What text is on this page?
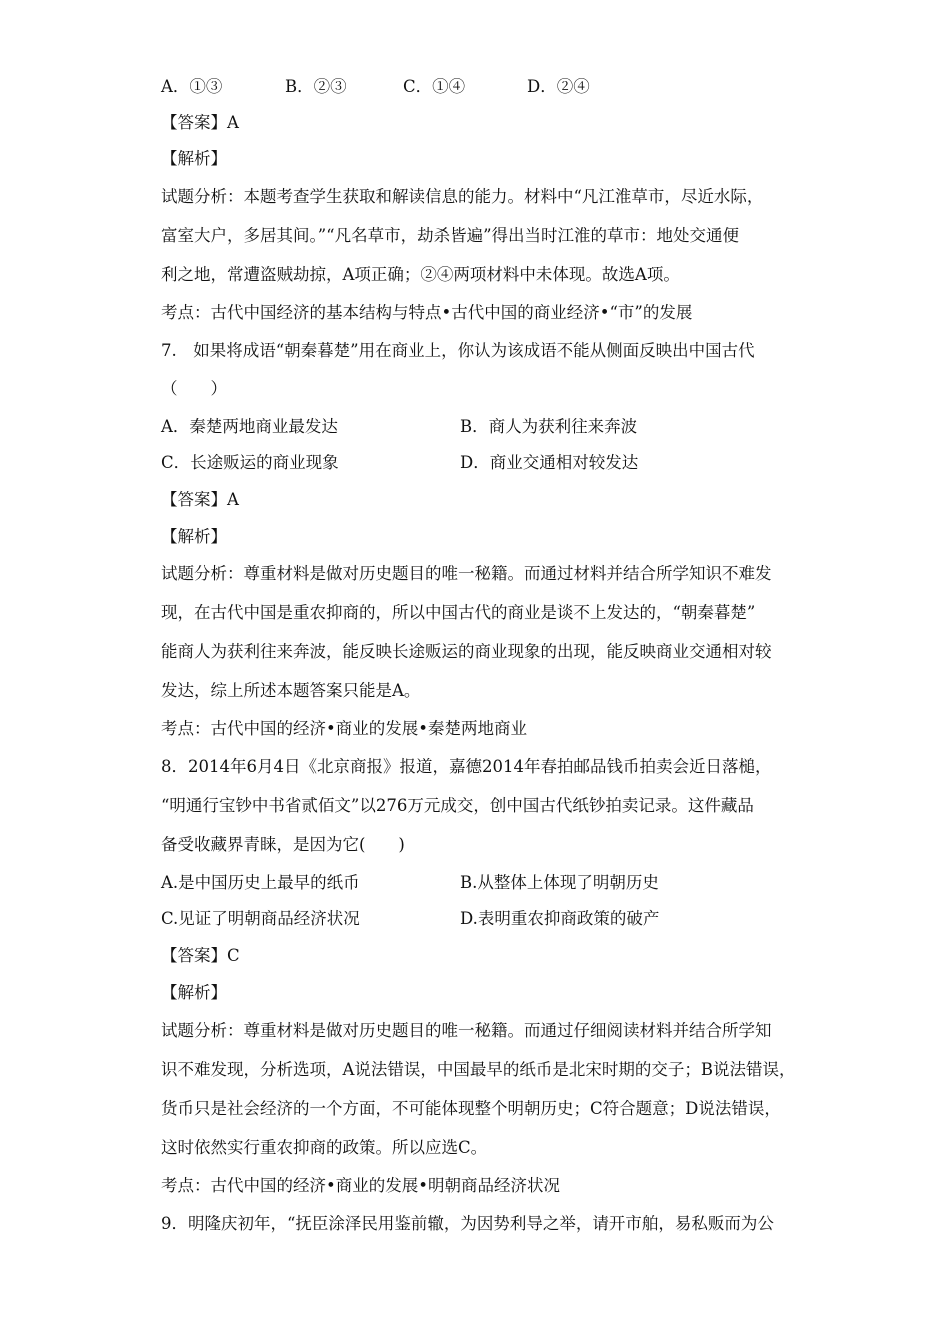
A．①③	B．②③	C．①④	D．②④
【答案】A
【解析】
试题分析：本题考查学生获取和解读信息的能力。材料中“凡江淮草市，尽近水际，
富室大户，多居其间。”“凡名草市，劫杀皆遍”得出当时江淮的草市：地处交通便
利之地，常遭盗贼劫掠，A项正确；②④两项材料中未体现。故选A项。
考点：古代中国经济的基本结构与特点•古代中国的商业经济•“市”的发展
7.　如果将成语“朝秦暮楚”用在商业上，你认为该成语不能从侧面反映出中国古代
（　　）
A．秦楚两地商业最发达	B．商人为获利往来奔波
C．长途贩运的商业现象	D．商业交通相对较发达
【答案】A
【解析】
试题分析：尊重材料是做对历史题目的唯一秘籍。而通过材料并结合所学知识不难发
现，在古代中国是重农抑商的，所以中国古代的商业是谈不上发达的，“朝秦暮楚”
能商人为获利往来奔波，能反映长途贩运的商业现象的出现，能反映商业交通相对较
发达，综上所述本题答案只能是A。
考点：古代中国的经济•商业的发展•秦楚两地商业
8．2014年6月4日《北京商报》报道，嘉德2014年春拍邮品钱币拍卖会近日落槌，
“明通行宝钞中书省贰佰文”以276万元成交，创中国古代纸钞拍卖记录。这件藏品
备受收藏界青睐，是因为它(　　)
A.是中国历史上最早的纸币	B.从整体上体现了明朝历史
C.见证了明朝商品经济状况	D.表明重农抑商政策的破产
【答案】C
【解析】
试题分析：尊重材料是做对历史题目的唯一秘籍。而通过仔细阅读材料并结合所学知
识不难发现，分析选项，A说法错误，中国最早的纸币是北宋时期的交子；B说法错误，
货币只是社会经济的一个方面，不可能体现整个明朝历史；C符合题意；D说法错误，
这时依然实行重农抑商的政策。所以应选C。
考点：古代中国的经济•商业的发展•明朝商品经济状况
9．明隆庆初年，“抚臣涂泽民用鉴前辙，为因势利导之举，请开市舶，易私贩而为公
